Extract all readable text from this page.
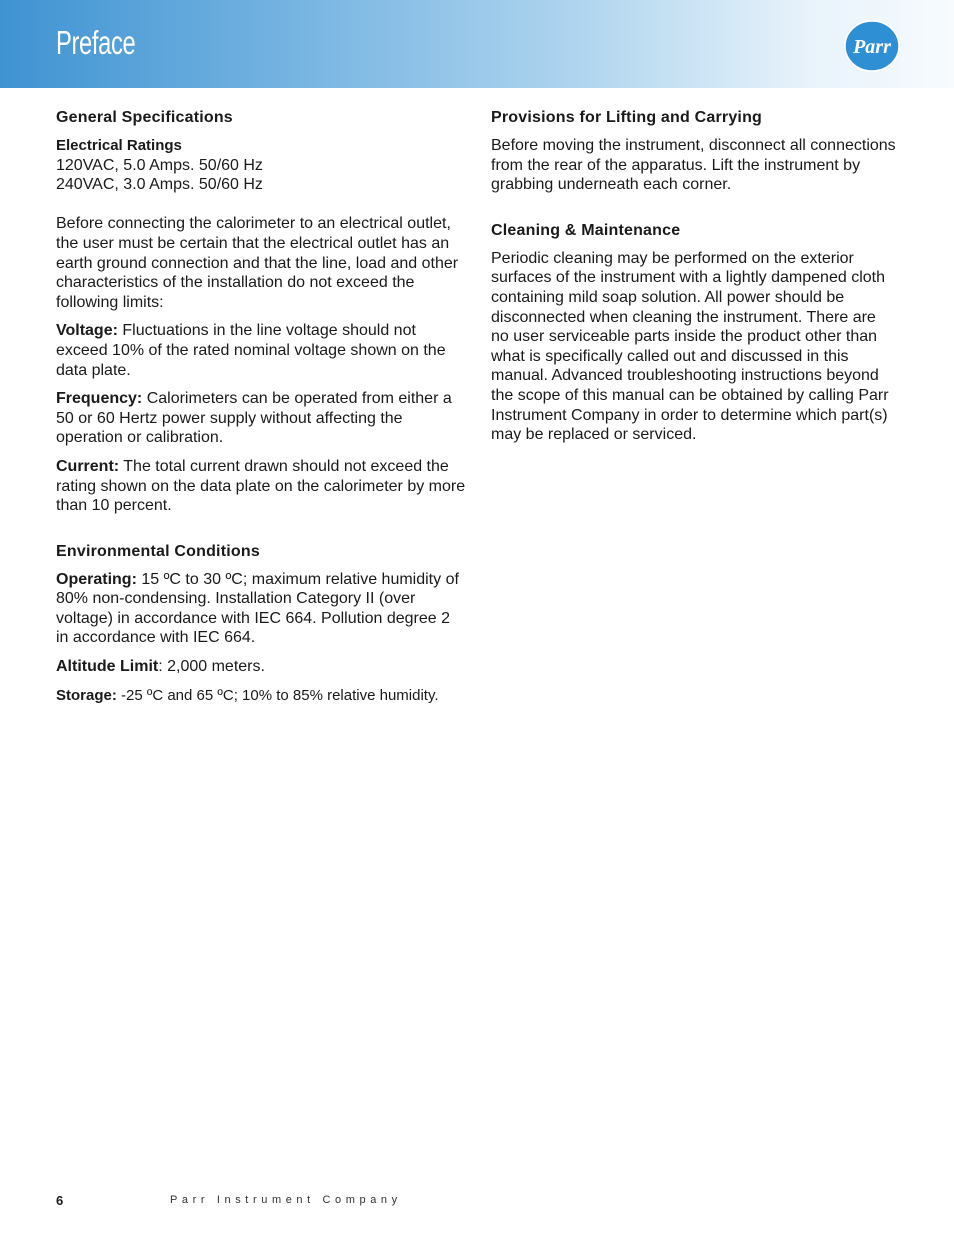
Preface	Parr
General Specifications
Electrical Ratings
120VAC, 5.0 Amps. 50/60 Hz
240VAC, 3.0 Amps. 50/60 Hz

Before connecting the calorimeter to an electrical outlet, the user must be certain that the electrical outlet has an earth ground connection and that the line, load and other characteristics of the installation do not exceed the following limits:

Voltage: Fluctuations in the line voltage should not exceed 10% of the rated nominal voltage shown on the data plate.

Frequency: Calorimeters can be operated from either a 50 or 60 Hertz power supply without affecting the operation or calibration.

Current: The total current drawn should not exceed the rating shown on the data plate on the calorimeter by more than 10 percent.

Environmental Conditions

Operating: 15 ºC to 30 ºC; maximum relative humidity of 80% non-condensing. Installation Category II (over voltage) in accordance with IEC 664. Pollution degree 2 in accordance with IEC 664.

Altitude Limit: 2,000 meters.

Storage: -25 ºC and 65 ºC; 10% to 85% relative humidity.

Provisions for Lifting and Carrying

Before moving the instrument, disconnect all connections from the rear of the apparatus. Lift the instrument by grabbing underneath each corner.

Cleaning & Maintenance

Periodic cleaning may be performed on the exterior surfaces of the instrument with a lightly dampened cloth containing mild soap solution. All power should be disconnected when cleaning the instrument. There are no user serviceable parts inside the product other than what is specifically called out and discussed in this manual. Advanced troubleshooting instructions beyond the scope of this manual can be obtained by calling Parr Instrument Company in order to determine which part(s) may be replaced or serviced.

6	Parr Instrument Company
